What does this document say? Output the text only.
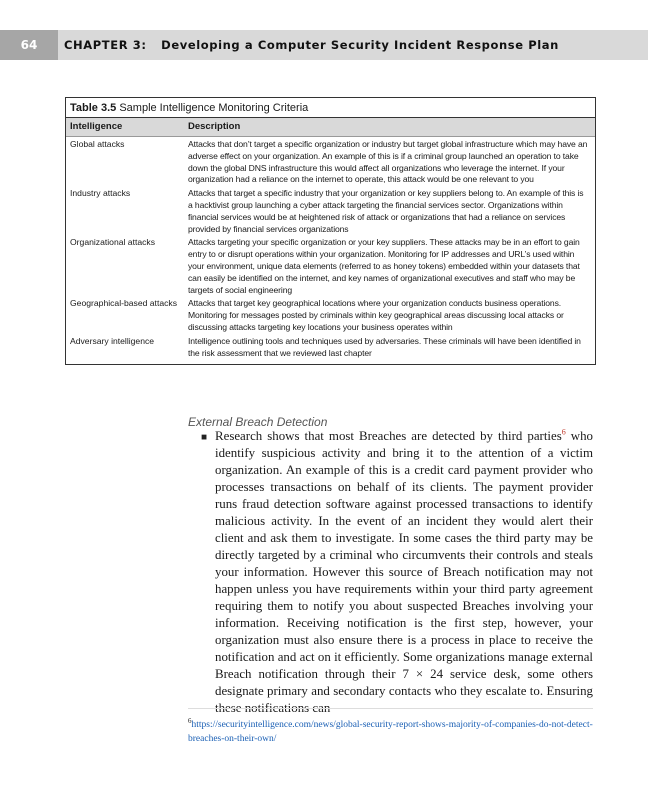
64	CHAPTER 3: Developing a Computer Security Incident Response Plan
Table 3.5 Sample Intelligence Monitoring Criteria
Intelligence	Description
Global attacks	Attacks that don’t target a specific organization or industry but target global infrastructure which may have an adverse effect on your organization. An example of this is if a criminal group launched an operation to take down the global DNS infrastructure this would affect all organizations who leverage the internet. If your organization had a reliance on the internet to operate, this attack would be one relevant to you
Industry attacks	Attacks that target a specific industry that your organization or key suppliers belong to. An example of this is a hacktivist group launching a cyber attack targeting the financial services sector. Organizations within financial services would be at heightened risk of attack or organizations that had a reliance on services provided by financial services organizations
Organizational attacks	Attacks targeting your specific organization or your key suppliers. These attacks may be in an effort to gain entry to or disrupt operations within your organization. Monitoring for IP addresses and URL’s used within your environment, unique data elements (referred to as honey tokens) embedded within your datasets that can easily be identified on the internet, and key names of organizational executives and staff who may be targets of social engineering
Geographical-based attacks	Attacks that target key geographical locations where your organization conducts business operations. Monitoring for messages posted by criminals within key geographical areas discussing local attacks or discussing attacks targeting key locations your business operates within
Adversary intelligence	Intelligence outlining tools and techniques used by adversaries. These criminals will have been identified in the risk assessment that we reviewed last chapter
External Breach Detection
■ Research shows that most Breaches are detected by third parties$^6$ who identify suspicious activity and bring it to the attention of a victim organization. An example of this is a credit card payment provider who processes transactions on behalf of its clients. The payment provider runs fraud detection software against processed transactions to identify malicious activity. In the event of an incident they would alert their client and ask them to investigate. In some cases the third party may be directly targeted by a criminal who circumvents their controls and steals your information. However this source of Breach notification may not happen unless you have requirements within your third party agreement requiring them to notify you about suspected Breaches involving your information. Receiving notification is the first step, however, your organization must also ensure there is a process in place to receive the notification and act on it efficiently. Some organizations manage external Breach notification through their 7 × 24 service desk, some others designate primary and secondary contacts who they escalate to. Ensuring these notifications can
$^6$https://securityintelligence.com/news/global-security-report-shows-majority-of-companies-do-not-detect-breaches-on-their-own/
